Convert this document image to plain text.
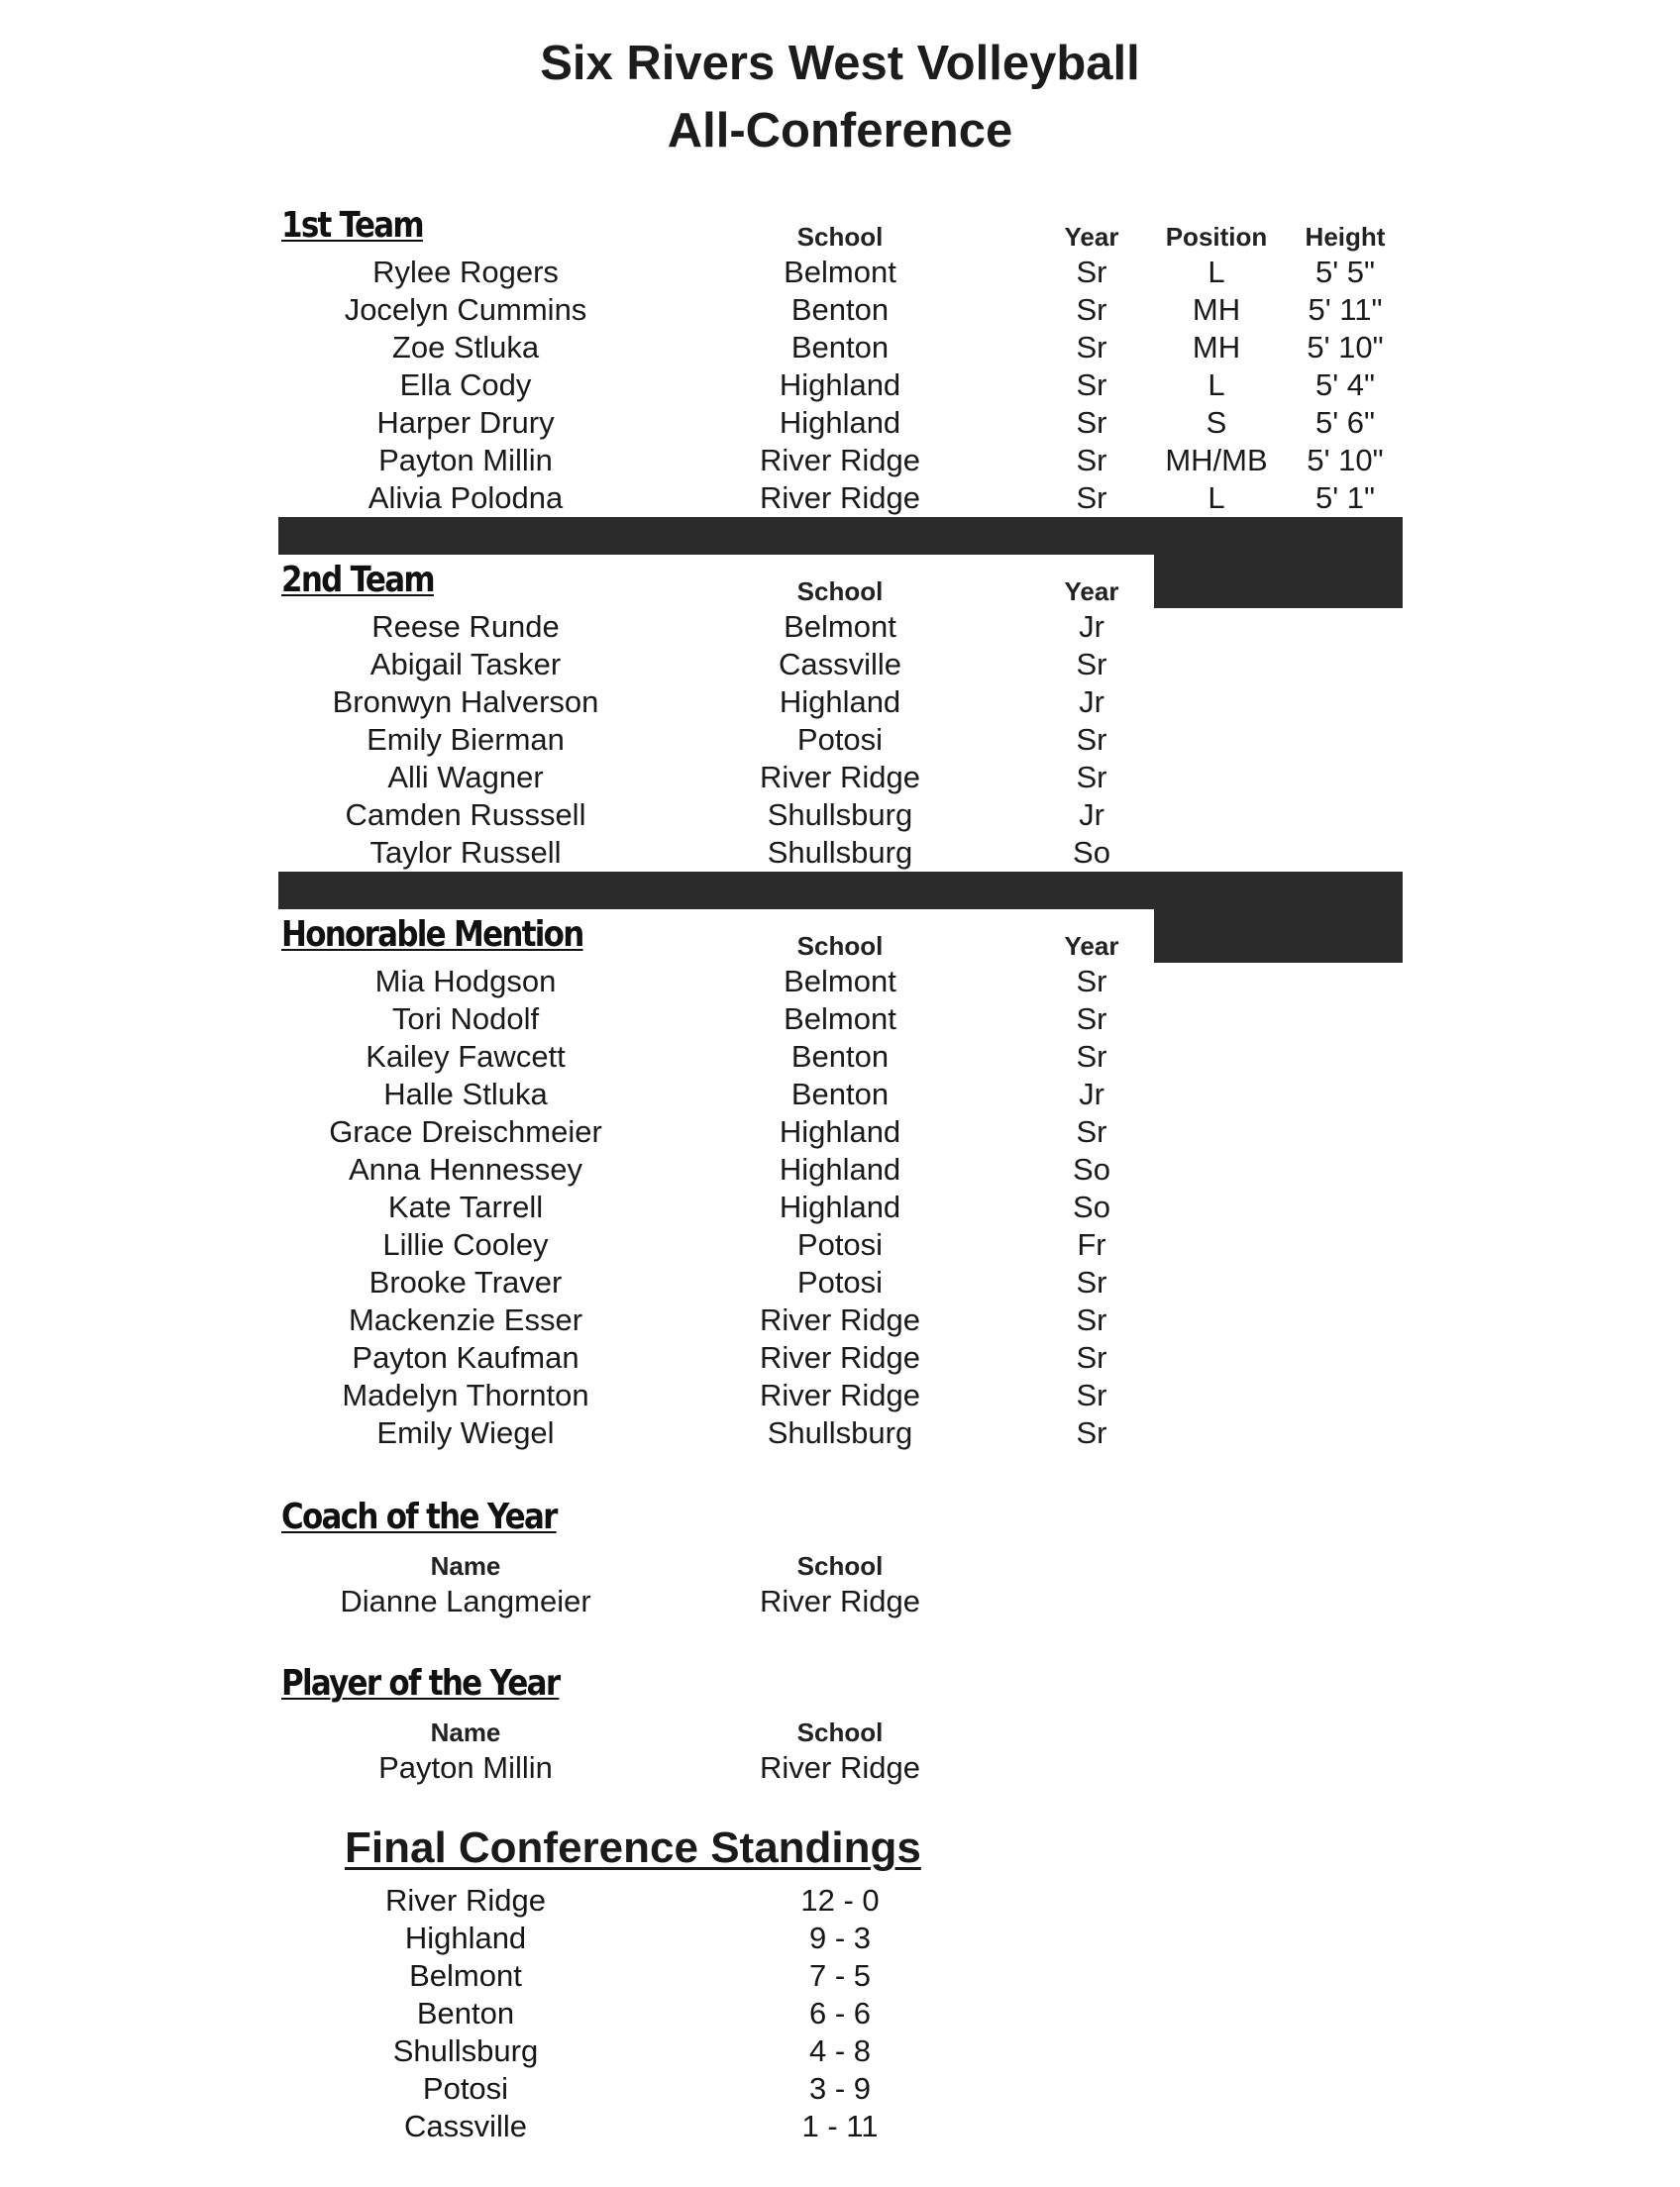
Six Rivers West Volleyball
All-Conference
1st Team	School	Year	Position	Height
Rylee Rogers	Belmont	Sr	L	5' 5"
Jocelyn Cummins	Benton	Sr	MH	5' 11"
Zoe Stluka	Benton	Sr	MH	5' 10"
Ella Cody	Highland	Sr	L	5' 4"
Harper Drury	Highland	Sr	S	5' 6"
Payton Millin	River Ridge	Sr	MH/MB	5' 10"
Alivia Polodna	River Ridge	Sr	L	5' 1"
2nd Team	School	Year
Reese Runde	Belmont	Jr
Abigail Tasker	Cassville	Sr
Bronwyn Halverson	Highland	Jr
Emily Bierman	Potosi	Sr
Alli Wagner	River Ridge	Sr
Camden Russsell	Shullsburg	Jr
Taylor Russell	Shullsburg	So
Honorable Mention	School	Year
Mia Hodgson	Belmont	Sr
Tori Nodolf	Belmont	Sr
Kailey Fawcett	Benton	Sr
Halle Stluka	Benton	Jr
Grace Dreischmeier	Highland	Sr
Anna Hennessey	Highland	So
Kate Tarrell	Highland	So
Lillie Cooley	Potosi	Fr
Brooke Traver	Potosi	Sr
Mackenzie Esser	River Ridge	Sr
Payton Kaufman	River Ridge	Sr
Madelyn Thornton	River Ridge	Sr
Emily Wiegel	Shullsburg	Sr
Coach of the Year
Name	School
Dianne Langmeier	River Ridge
Player of the Year
Name	School
Payton Millin	River Ridge
Final Conference Standings
River Ridge	12 - 0
Highland	9 - 3
Belmont	7 - 5
Benton	6 - 6
Shullsburg	4 - 8
Potosi	3 - 9
Cassville	1 - 11
